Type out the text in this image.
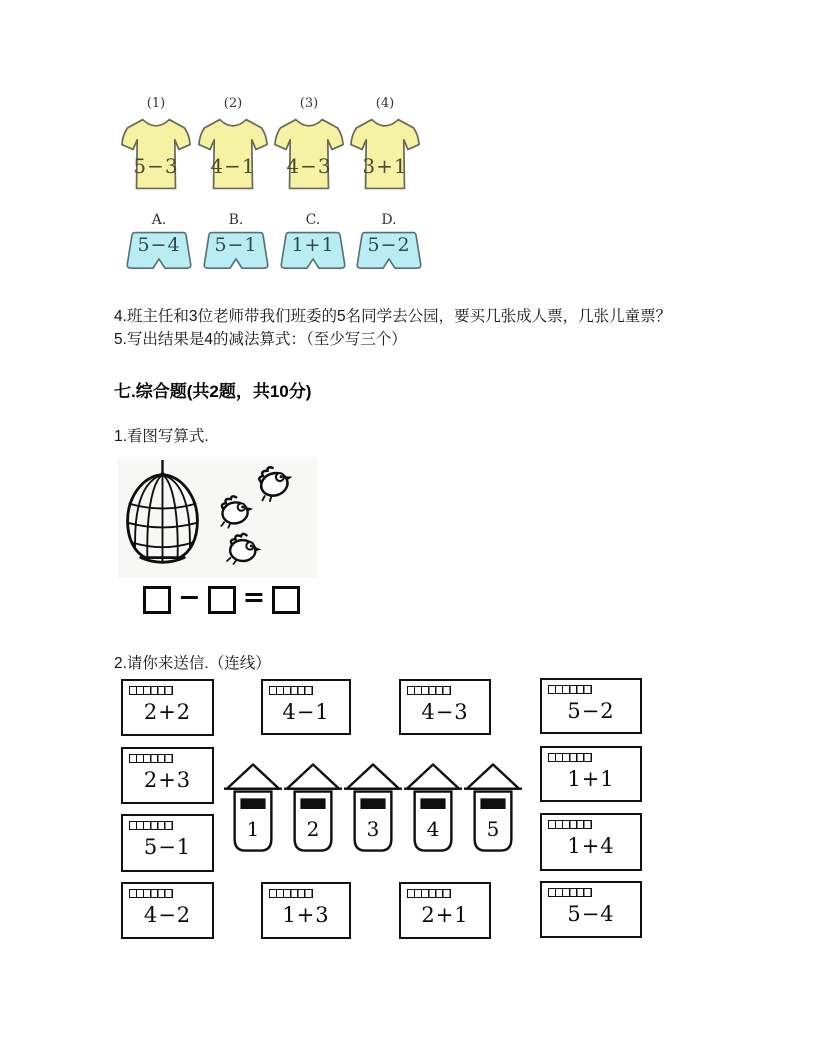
(1)
5−3
(2)
4−1
(3)
4−3
(4)
3+1
A.
5−4
B.
5−1
C.
1+1
D.
5−2
4.班主任和3位老师带我们班委的5名同学去公园，要买几张成人票，几张儿童票？
5.写出结果是4的减法算式：（至少写三个）
七.综合题(共2题，共10分)
1.看图写算式.
− =
2.请你来送信.（连线）
2+2	4−1	4−3	5−2
2+3	1+1
5−1	1+4
4−2	1+3	2+1	5−4
1	2	3	4	5
